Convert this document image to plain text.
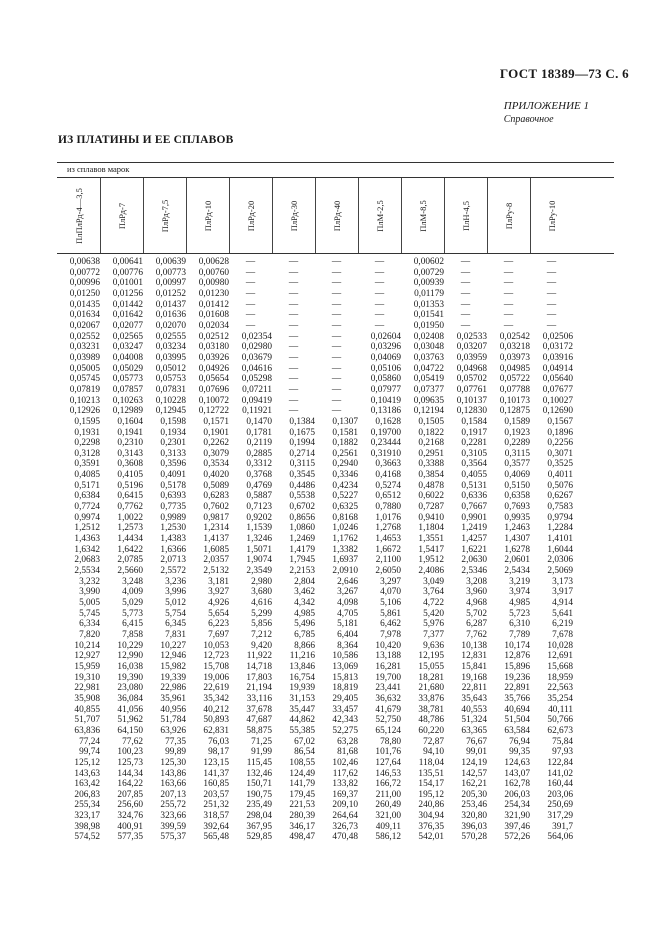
ГОСТ 18389—73 С. 6
ПРИЛОЖЕНИЕ 1
Справочное
ИЗ ПЛАТИНЫ И ЕЕ СПЛАВОВ
из сплавов марок
ПлПлРд-4—3,5
0,00638
0,00772
0,00996
0,01250
0,01435
0,01634
0,02067
0,02552
0,03231
0,03989
0,05005
0,05745
0,07819
0,10213
0,12926
0,1595
0,1931
0,2298
0,3128
0,3591
0,4085
0,5171
0,6384
0,7724
0,9974
1,2512
1,4363
1,6342
2,0683
2,5534
3,232
3,990
5,005
5,745
6,334
7,820
10,214
12,927
15,959
19,310
22,981
35,908
40,855
51,707
63,836
77,24
99,74
125,12
143,63
163,42
206,83
255,34
323,17
398,98
574,52
ПлРд-7
0,00641
0,00776
0,01001
0,01256
0,01442
0,01642
0,02077
0,02565
0,03247
0,04008
0,05029
0,05773
0,07857
0,10263
0,12989
0,1604
0,1941
0,2310
0,3143
0,3608
0,4105
0,5196
0,6415
0,7762
1,0022
1,2573
1,4434
1,6422
2,0785
2,5660
3,248
4,009
5,029
5,773
6,415
7,858
10,229
12,990
16,038
19,390
23,080
36,084
41,056
51,962
64,150
77,62
100,23
125,73
144,34
164,22
207,85
256,60
324,76
400,91
577,35
ПлРд-7,5
0,00639
0,00773
0,00997
0,01252
0,01437
0,01636
0,02070
0,02555
0,03234
0,03995
0,05012
0,05753
0,07831
0,10228
0,12945
0,1598
0,1934
0,2301
0,3133
0,3596
0,4091
0,5178
0,6393
0,7735
0,9989
1,2530
1,4383
1,6366
2,0713
2,5572
3,236
3,996
5,012
5,754
6,345
7,831
10,227
12,946
15,982
19,339
22,986
35,961
40,956
51,784
63,926
77,35
99,89
125,30
143,86
163,66
207,13
255,72
323,66
399,59
575,37
ПлРд-10
0,00628
0,00760
0,00980
0,01230
0,01412
0,01608
0,02034
0,02512
0,03180
0,03926
0,04926
0,05654
0,07696
0,10072
0,12722
0,1571
0,1901
0,2262
0,3079
0,3534
0,4020
0,5089
0,6283
0,7602
0,9817
1,2314
1,4137
1,6085
2,0357
2,5132
3,181
3,927
4,926
5,654
6,223
7,697
10,053
12,723
15,708
19,006
22,619
35,342
40,212
50,893
62,831
76,03
98,17
123,15
141,37
160,85
203,57
251,32
318,57
392,64
565,48
ПлРд-20
—
—
—
—
—
—
—
0,02354
0,02980
0,03679
0,04616
0,05298
0,07211
0,09419
0,11921
0,1470
0,1781
0,2119
0,2885
0,3312
0,3768
0,4769
0,5887
0,7123
0,9202
1,1539
1,3246
1,5071
1,9074
2,3549
2,980
3,680
4,616
5,299
5,856
7,212
9,420
11,922
14,718
17,803
21,194
33,116
37,678
47,687
58,875
71,25
91,99
115,45
132,46
150,71
190,75
235,49
298,04
367,95
529,85
ПлРд-30
—
—
—
—
—
—
—
—
—
—
—
—
—
—
—
0,1384
0,1675
0,1994
0,2714
0,3115
0,3545
0,4486
0,5538
0,6702
0,8656
1,0860
1,2469
1,4179
1,7945
2,2153
2,804
3,462
4,342
4,985
5,496
6,785
8,866
11,216
13,846
16,754
19,939
31,153
35,447
44,862
55,385
67,02
86,54
108,55
124,49
141,79
179,45
221,53
280,39
346,17
498,47
ПлРд-40
—
—
—
—
—
—
—
—
—
—
—
—
—
—
—
0,1307
0,1581
0,1882
0,2561
0,2940
0,3346
0,4234
0,5227
0,6325
0,8168
1,0246
1,1762
1,3382
1,6937
2,0910
2,646
3,267
4,098
4,705
5,181
6,404
8,364
10,586
13,069
15,813
18,819
29,405
33,457
42,343
52,275
63,28
81,68
102,46
117,62
133,82
169,37
209,10
264,64
326,73
470,48
ПлМ-2,5
—
—
—
—
—
—
—
0,02604
0,03296
0,04069
0,05106
0,05860
0,07977
0,10419
0,13186
0,1628
0,19700
0,23444
0,31910
0,3663
0,4168
0,5274
0,6512
0,7880
1,0176
1,2768
1,4653
1,6672
2,1100
2,6050
3,297
4,070
5,106
5,861
6,462
7,978
10,420
13,188
16,281
19,700
23,441
36,632
41,679
52,750
65,124
78,80
101,76
127,64
146,53
166,72
211,00
260,49
321,00
409,11
586,12
ПлМ-8,5
0,00602
0,00729
0,00939
0,01179
0,01353
0,01541
0,01950
0,02408
0,03048
0,03763
0,04722
0,05419
0,07377
0,09635
0,12194
0,1505
0,1822
0,2168
0,2951
0,3388
0,3854
0,4878
0,6022
0,7287
0,9410
1,1804
1,3551
1,5417
1,9512
2,4086
3,049
3,764
4,722
5,420
5,976
7,377
9,636
12,195
15,055
18,281
21,680
33,876
38,781
48,786
60,220
72,87
94,10
118,04
135,51
154,17
195,12
240,86
304,94
376,35
542,01
ПлН-4,5
—
—
—
—
—
—
—
0,02533
0,03207
0,03959
0,04968
0,05702
0,07761
0,10137
0,12830
0,1584
0,1917
0,2281
0,3105
0,3564
0,4055
0,5131
0,6336
0,7667
0,9901
1,2419
1,4257
1,6221
2,0630
2,5346
3,208
3,960
4,968
5,702
6,287
7,762
10,138
12,831
15,841
19,168
22,811
35,643
40,553
51,324
63,365
76,67
99,01
124,19
142,57
162,21
205,30
253,46
320,80
396,03
570,28
ПлРу-8
—
—
—
—
—
—
—
0,02542
0,03218
0,03973
0,04985
0,05722
0,07788
0,10173
0,12875
0,1589
0,1923
0,2289
0,3115
0,3577
0,4069
0,5150
0,6358
0,7693
0,9935
1,2463
1,4307
1,6278
2,0601
2,5434
3,219
3,974
4,985
5,723
6,310
7,789
10,174
12,876
15,896
19,236
22,891
35,766
40,694
51,504
63,584
76,94
99,35
124,63
143,07
162,78
206,03
254,34
321,90
397,46
572,26
ПлРу-10
—
—
—
—
—
—
—
0,02506
0,03172
0,03916
0,04914
0,05640
0,07677
0,10027
0,12690
0,1567
0,1896
0,2256
0,3071
0,3525
0,4011
0,5076
0,6267
0,7583
0,9794
1,2284
1,4101
1,6044
2,0306
2,5069
3,173
3,917
4,914
5,641
6,219
7,678
10,028
12,691
15,668
18,959
22,563
35,254
40,111
50,766
62,673
75,84
97,93
122,84
141,02
160,44
203,06
250,69
317,29
391,7
564,06
